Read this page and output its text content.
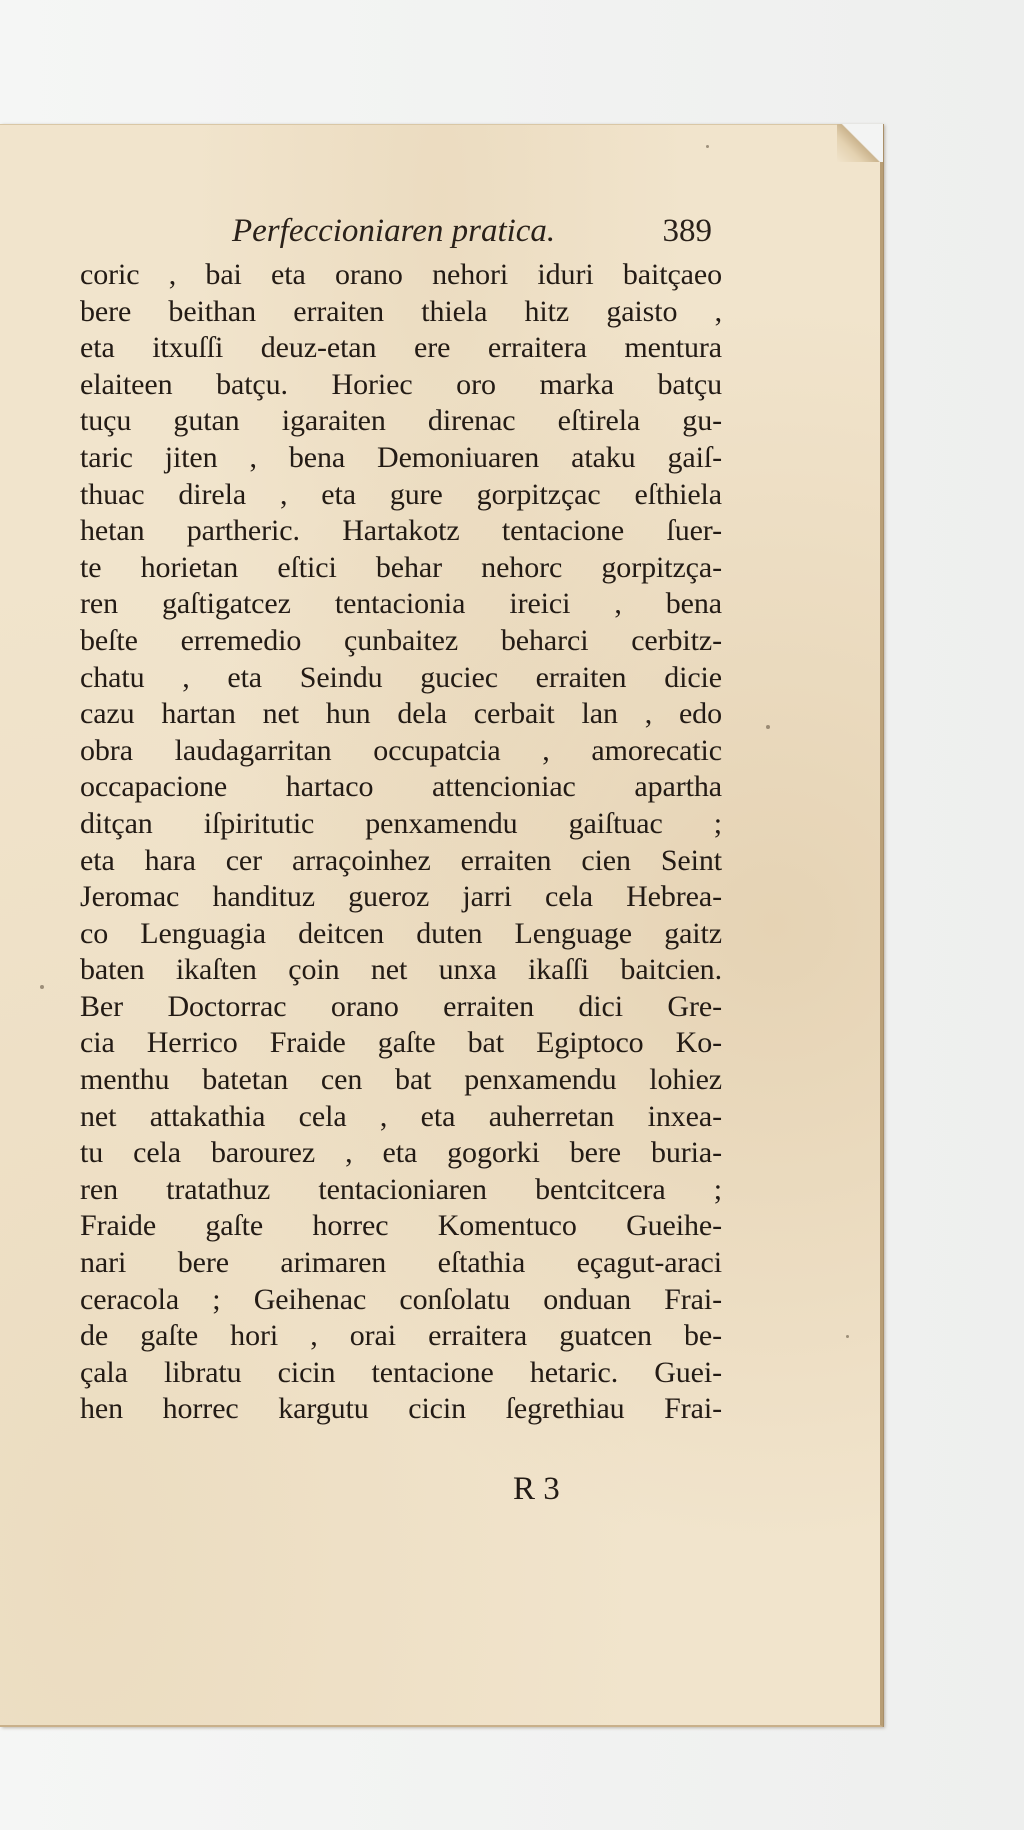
Perfeccioniaren pratica.	389
coric , bai eta orano nehori iduri baitçaeo
bere beithan erraiten thiela hitz gaisto ,
eta itxuſſi deuz-etan ere erraitera mentura
elaiteen batçu. Horiec oro marka batçu
tuçu gutan igaraiten direnac eſtirela gu-
taric jiten , bena Demoniuaren ataku gaiſ-
thuac direla , eta gure gorpitzçac eſthiela
hetan partheric. Hartakotz tentacione ſuer-
te horietan eſtici behar nehorc gorpitzça-
ren gaſtigatcez tentacionia ireici , bena
beſte erremedio çunbaitez beharci cerbitz-
chatu , eta Seindu guciec erraiten dicie
cazu hartan net hun dela cerbait lan , edo
obra laudagarritan occupatcia , amorecatic
occapacione hartaco attencioniac apartha
ditçan iſpiritutic penxamendu gaiſtuac ;
eta hara cer arraçoinhez erraiten cien Seint
Jeromac handituz gueroz jarri cela Hebrea-
co Lenguagia deitcen duten Lenguage gaitz
baten ikaſten çoin net unxa ikaſſi baitcien.
Ber Doctorrac orano erraiten dici Gre-
cia Herrico Fraide gaſte bat Egiptoco Ko-
menthu batetan cen bat penxamendu lohiez
net attakathia cela , eta auherretan inxea-
tu cela barourez , eta gogorki bere buria-
ren tratathuz tentacioniaren bentcitcera ;
Fraide gaſte horrec Komentuco Gueihe-
nari bere arimaren eſtathia eçagut-araci
ceracola ; Geihenac conſolatu onduan Frai-
de gaſte hori , orai erraitera guatcen be-
çala libratu cicin tentacione hetaric. Guei-
hen horrec kargutu cicin ſegrethiau Frai-
R 3
